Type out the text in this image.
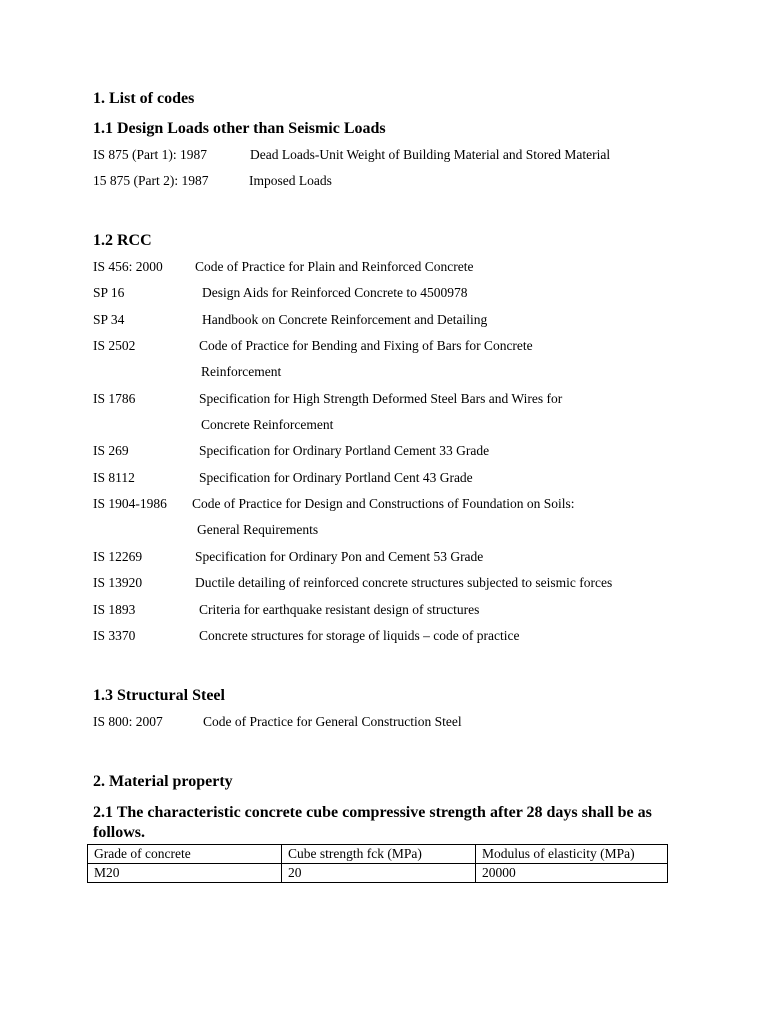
1. List of codes
1.1 Design Loads other than Seismic Loads
IS 875 (Part 1): 1987	Dead Loads-Unit Weight of Building Material and Stored Material
15 875 (Part 2): 1987	Imposed Loads
1.2 RCC
IS 456: 2000 Code of Practice for Plain and Reinforced Concrete
SP 16	Design Aids for Reinforced Concrete to 4500978
SP 34	Handbook on Concrete Reinforcement and Detailing
IS 2502	Code of Practice for Bending and Fixing of Bars for Concrete
Reinforcement
IS 1786	Specification for High Strength Deformed Steel Bars and Wires for
Concrete Reinforcement
IS 269	Specification for Ordinary Portland Cement 33 Grade
IS 8112	Specification for Ordinary Portland Cent 43 Grade
IS 1904-1986 Code of Practice for Design and Constructions of Foundation on Soils:
General Requirements
IS 12269	Specification for Ordinary Pon and Cement 53 Grade
IS 13920	Ductile detailing of reinforced concrete structures subjected to seismic forces
IS 1893	Criteria for earthquake resistant design of structures
IS 3370	Concrete structures for storage of liquids – code of practice
1.3 Structural Steel
IS 800: 2007	Code of Practice for General Construction Steel
2. Material property
2.1 The characteristic concrete cube compressive strength after 28 days shall be as follows.
Grade of concrete	Cube strength fck (MPa)	Modulus of elasticity (MPa)
M20	20	20000
